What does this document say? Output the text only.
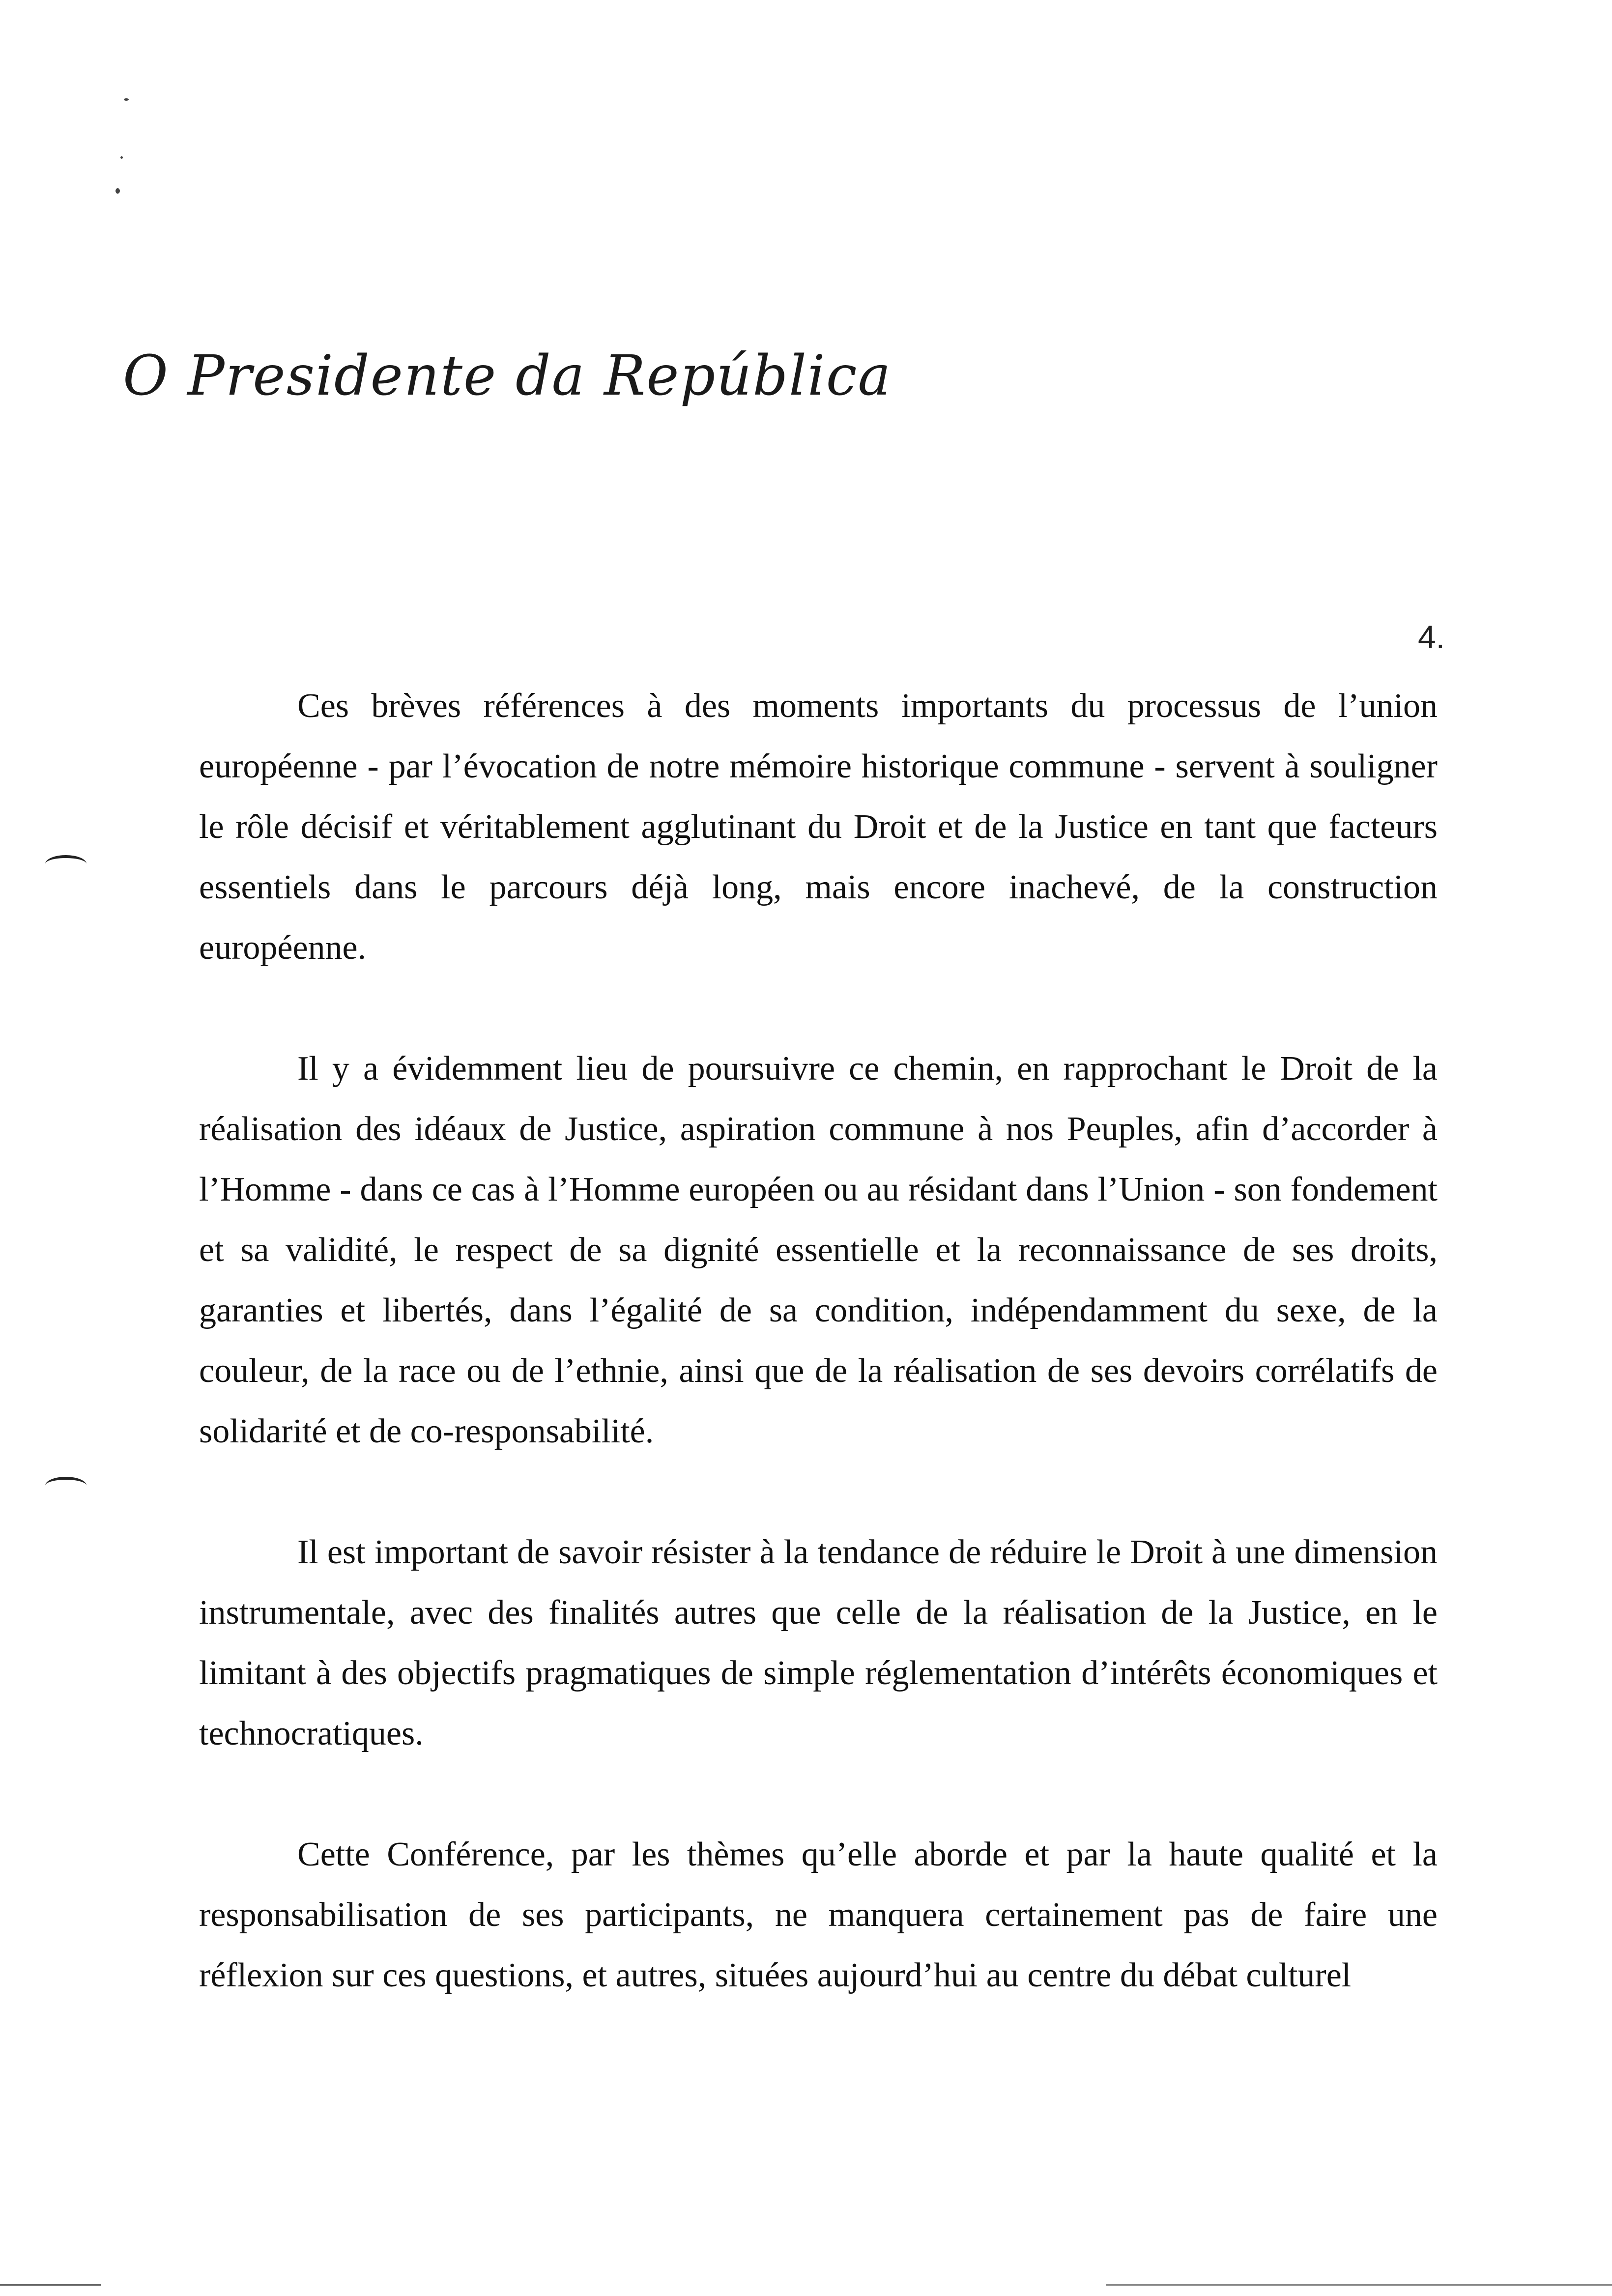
O Presidente da República
4.

Ces brèves références à des moments importants du processus de l’union européenne - par l’évocation de notre mémoire historique commune - servent à souligner le rôle décisif et véritablement agglutinant du Droit et de la Justice en tant que facteurs essentiels dans le parcours déjà long, mais encore inachevé, de la construction européenne.

Il y a évidemment lieu de poursuivre ce chemin, en rapprochant le Droit de la réalisation des idéaux de Justice, aspiration commune à nos Peuples, afin d’accorder à l’Homme - dans ce cas à l’Homme européen ou au résidant dans l’Union - son fondement et sa validité, le respect de sa dignité essentielle et la reconnaissance de ses droits, garanties et libertés, dans l’égalité de sa condition, indépendamment du sexe, de la couleur, de la race ou de l’ethnie, ainsi que de la réalisation de ses devoirs corrélatifs de solidarité et de co-responsabilité.

Il est important de savoir résister à la tendance de réduire le Droit à une dimension instrumentale, avec des finalités autres que celle de la réalisation de la Justice, en le limitant à des objectifs pragmatiques de simple réglementation d’intérêts économiques et technocratiques.

Cette Conférence, par les thèmes qu’elle aborde et par la haute qualité et la responsabilisation de ses participants, ne manquera certainement pas de faire une réflexion sur ces questions, et autres, situées aujourd’hui au centre du débat culturel
